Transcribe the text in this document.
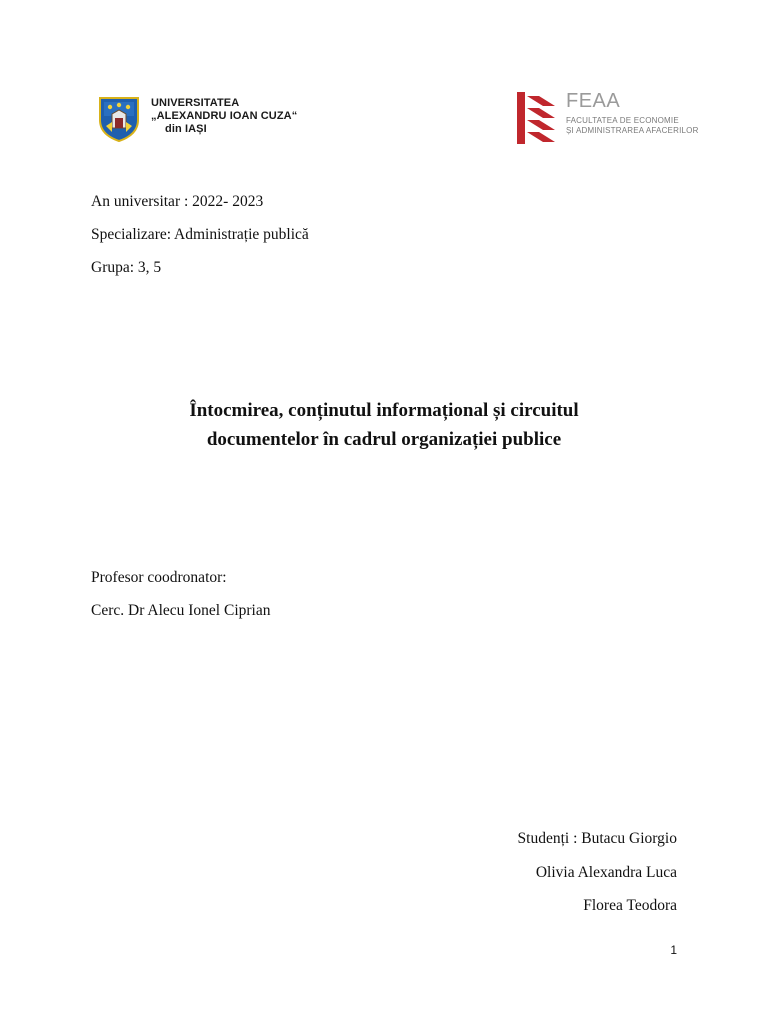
UNIVERSITATEA
„ALEXANDRU IOAN CUZA“
din IAȘI
FEAA
FACULTATEA DE ECONOMIE
ȘI ADMINISTRAREA AFACERILOR
An universitar : 2022- 2023
Specializare: Administrație publică
Grupa: 3, 5
Întocmirea, conținutul informațional și circuitul
documentelor în cadrul organizației publice
Profesor coodronator:
Cerc. Dr Alecu Ionel Ciprian
Studenți : Butacu Giorgio
Olivia Alexandra Luca
Florea Teodora
1
